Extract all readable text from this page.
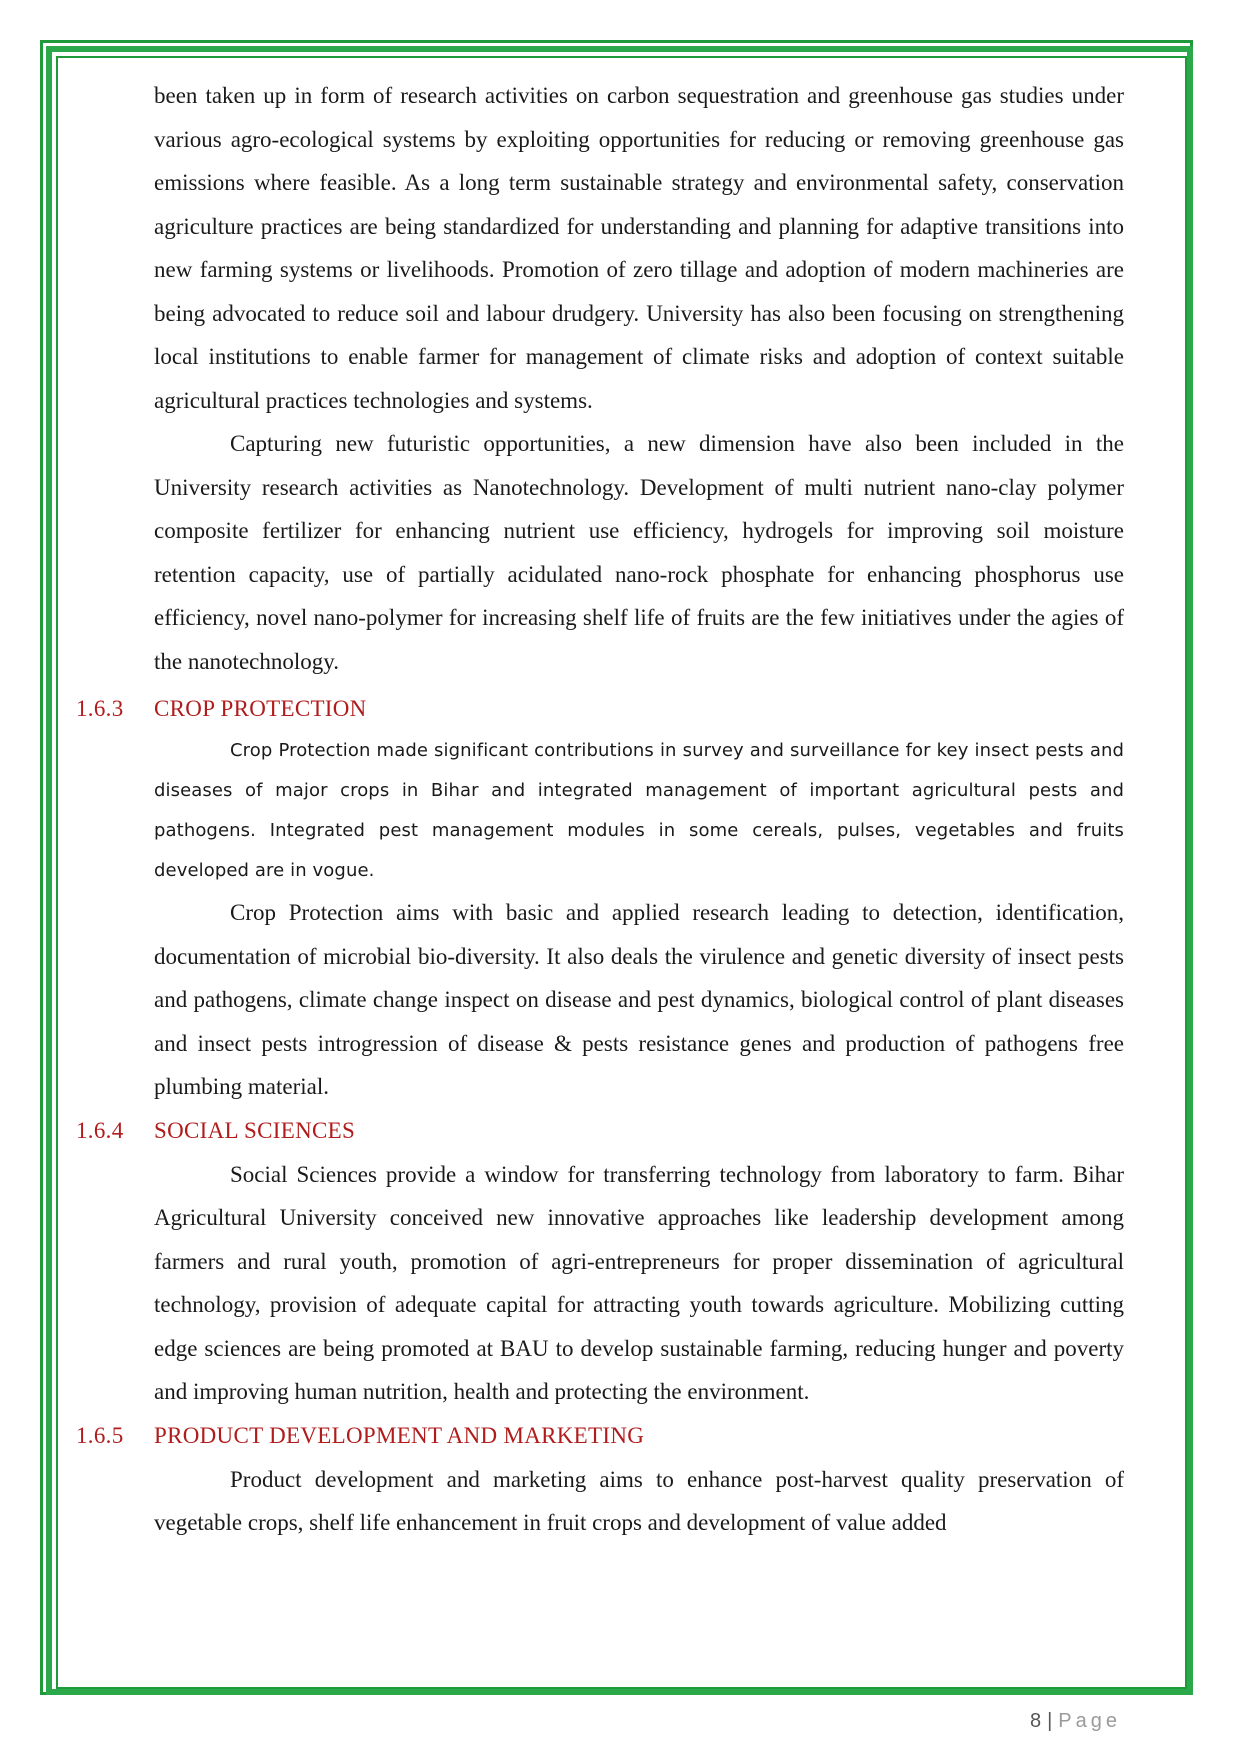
been taken up in form of research activities on carbon sequestration and greenhouse gas studies under various agro-ecological systems by exploiting opportunities for reducing or removing greenhouse gas emissions where feasible. As a long term sustainable strategy and environmental safety, conservation agriculture practices are being standardized for understanding and planning for adaptive transitions into new farming systems or livelihoods. Promotion of zero tillage and adoption of modern machineries are being advocated to reduce soil and labour drudgery. University has also been focusing on strengthening local institutions to enable farmer for management of climate risks and adoption of context suitable agricultural practices technologies and systems.

Capturing new futuristic opportunities, a new dimension have also been included in the University research activities as Nanotechnology. Development of multi nutrient nano-clay polymer composite fertilizer for enhancing nutrient use efficiency, hydrogels for improving soil moisture retention capacity, use of partially acidulated nano-rock phosphate for enhancing phosphorus use efficiency, novel nano-polymer for increasing shelf life of fruits are the few initiatives under the agies of the nanotechnology.

1.6.3 CROP PROTECTION

Crop Protection made significant contributions in survey and surveillance for key insect pests and diseases of major crops in Bihar and integrated management of important agricultural pests and pathogens. Integrated pest management modules in some cereals, pulses, vegetables and fruits developed are in vogue.

Crop Protection aims with basic and applied research leading to detection, identification, documentation of microbial bio-diversity. It also deals the virulence and genetic diversity of insect pests and pathogens, climate change inspect on disease and pest dynamics, biological control of plant diseases and insect pests introgression of disease & pests resistance genes and production of pathogens free plumbing material.

1.6.4 SOCIAL SCIENCES

Social Sciences provide a window for transferring technology from laboratory to farm. Bihar Agricultural University conceived new innovative approaches like leadership development among farmers and rural youth, promotion of agri-entrepreneurs for proper dissemination of agricultural technology, provision of adequate capital for attracting youth towards agriculture. Mobilizing cutting edge sciences are being promoted at BAU to develop sustainable farming, reducing hunger and poverty and improving human nutrition, health and protecting the environment.

1.6.5 PRODUCT DEVELOPMENT AND MARKETING

Product development and marketing aims to enhance post-harvest quality preservation of vegetable crops, shelf life enhancement in fruit crops and development of value added

8 | Page
